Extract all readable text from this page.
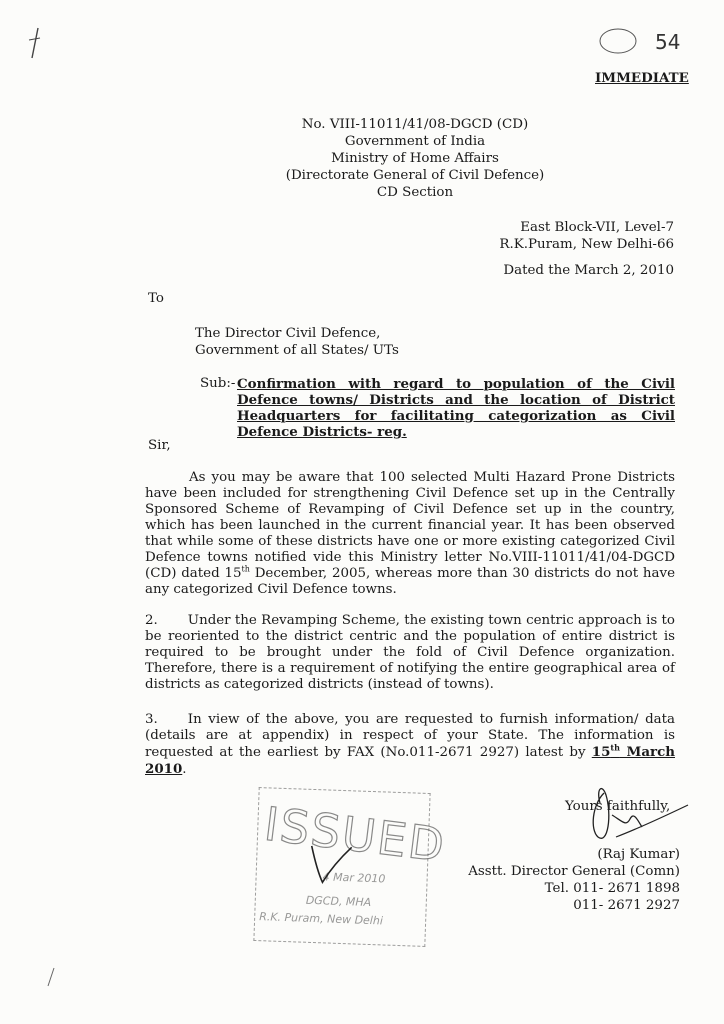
54
IMMEDIATE
No. VIII-11011/41/08-DGCD (CD)
Government of India
Ministry of Home Affairs
(Directorate General of Civil Defence)
CD Section
East Block-VII, Level-7
R.K.Puram, New Delhi-66
Dated the March 2, 2010
To
The Director Civil Defence,
Government of all States/ UTs
Sub:- Confirmation with regard to population of the Civil Defence towns/ Districts and the location of District Headquarters for facilitating categorization as Civil Defence Districts- reg.
Sir,

As you may be aware that 100 selected Multi Hazard Prone Districts have been included for strengthening Civil Defence set up in the Centrally Sponsored Scheme of Revamping of Civil Defence set up in the country, which has been launched in the current financial year. It has been observed that while some of these districts have one or more existing categorized Civil Defence towns notified vide this Ministry letter No.VIII-11011/41/04-DGCD (CD) dated 15th December, 2005, whereas more than 30 districts do not have any categorized Civil Defence towns.

2. Under the Revamping Scheme, the existing town centric approach is to be reoriented to the district centric and the population of entire district is required to be brought under the fold of Civil Defence organization. Therefore, there is a requirement of notifying the entire geographical area of districts as categorized districts (instead of towns).

3. In view of the above, you are requested to furnish information/ data (details are at appendix) in respect of your State. The information is requested at the earliest by FAX (No.011-2671 2927) latest by 15th March 2010.

Yours faithfully,
(Raj Kumar)
Asstt. Director General (Comn)
Tel. 011- 2671 1898
011- 2671 2927
ISSUED
4 Mar 2010
DGCD, MHA
R.K. Puram, New Delhi
